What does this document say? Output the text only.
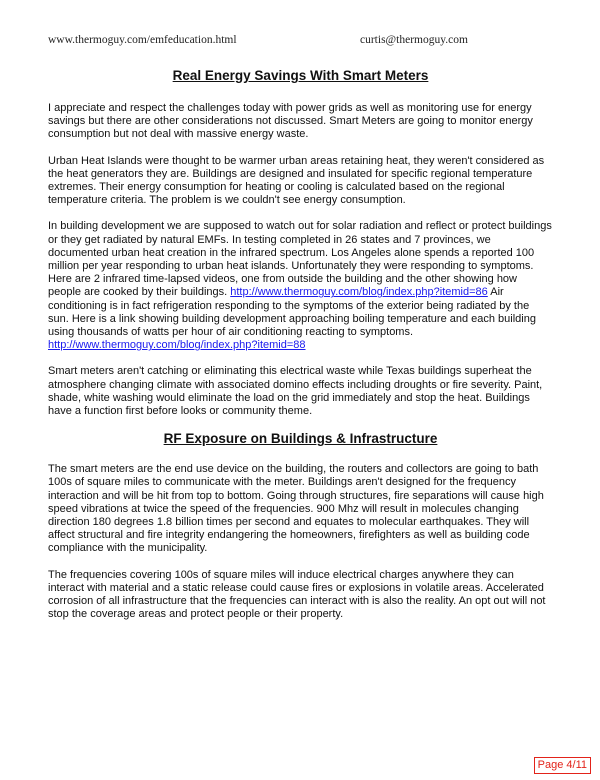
www.thermoguy.com/emfeducation.html	curtis@thermoguy.com
Real Energy Savings With Smart Meters

I appreciate and respect the challenges today with power grids as well as monitoring use for energy savings but there are other considerations not discussed. Smart Meters are going to monitor energy consumption but not deal with massive energy waste.

Urban Heat Islands were thought to be warmer urban areas retaining heat, they weren't considered as the heat generators they are. Buildings are designed and insulated for specific regional temperature extremes. Their energy consumption for heating or cooling is calculated based on the regional temperature criteria. The problem is we couldn't see energy consumption.

In building development we are supposed to watch out for solar radiation and reflect or protect buildings or they get radiated by natural EMFs. In testing completed in 26 states and 7 provinces, we documented urban heat creation in the infrared spectrum. Los Angeles alone spends a reported 100 million per year responding to urban heat islands. Unfortunately they were responding to symptoms. Here are 2 infrared time-lapsed videos, one from outside the building and the other showing how people are cooked by their buildings. http://www.thermoguy.com/blog/index.php?itemid=86 Air conditioning is in fact refrigeration responding to the symptoms of the exterior being radiated by the sun. Here is a link showing building development approaching boiling temperature and each building using thousands of watts per hour of air conditioning reacting to symptoms. http://www.thermoguy.com/blog/index.php?itemid=88

Smart meters aren't catching or eliminating this electrical waste while Texas buildings superheat the atmosphere changing climate with associated domino effects including droughts or fire severity. Paint, shade, white washing would eliminate the load on the grid immediately and stop the heat. Buildings have a function first before looks or community theme.

RF Exposure on Buildings & Infrastructure

The smart meters are the end use device on the building, the routers and collectors are going to bath 100s of square miles to communicate with the meter. Buildings aren't designed for the frequency interaction and will be hit from top to bottom. Going through structures, fire separations will cause high speed vibrations at twice the speed of the frequencies. 900 Mhz will result in molecules changing direction 180 degrees 1.8 billion times per second and equates to molecular earthquakes. They will affect structural and fire integrity endangering the homeowners, firefighters as well as building code compliance with the municipality.

The frequencies covering 100s of square miles will induce electrical charges anywhere they can interact with material and a static release could cause fires or explosions in volatile areas. Accelerated corrosion of all infrastructure that the frequencies can interact with is also the reality. An opt out will not stop the coverage areas and protect people or their property.

Page 4/11
